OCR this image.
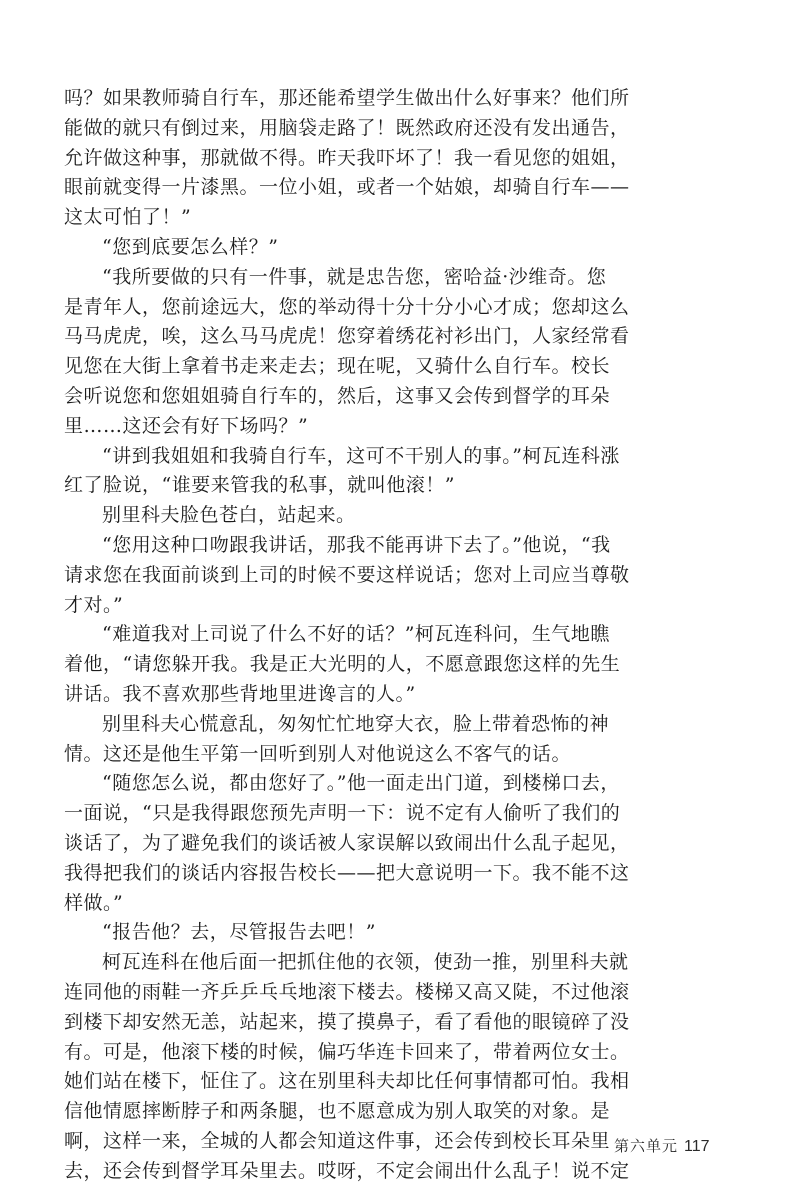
吗？如果教师骑自行车，那还能希望学生做出什么好事来？他们所
能做的就只有倒过来，用脑袋走路了！既然政府还没有发出通告，
允许做这种事，那就做不得。昨天我吓坏了！我一看见您的姐姐，
眼前就变得一片漆黑。一位小姐，或者一个姑娘，却骑自行车——
这太可怕了！”
“您到底要怎么样？”
“我所要做的只有一件事，就是忠告您，密哈益·沙维奇。您
是青年人，您前途远大，您的举动得十分十分小心才成；您却这么
马马虎虎，唉，这么马马虎虎！您穿着绣花衬衫出门，人家经常看
见您在大街上拿着书走来走去；现在呢，又骑什么自行车。校长
会听说您和您姐姐骑自行车的，然后，这事又会传到督学的耳朵
里……这还会有好下场吗？”
“讲到我姐姐和我骑自行车，这可不干别人的事。”柯瓦连科涨
红了脸说，“谁要来管我的私事，就叫他滚！”
别里科夫脸色苍白，站起来。
“您用这种口吻跟我讲话，那我不能再讲下去了。”他说，“我
请求您在我面前谈到上司的时候不要这样说话；您对上司应当尊敬
才对。”
“难道我对上司说了什么不好的话？”柯瓦连科问，生气地瞧
着他，“请您躲开我。我是正大光明的人，不愿意跟您这样的先生
讲话。我不喜欢那些背地里进谗言的人。”
别里科夫心慌意乱，匆匆忙忙地穿大衣，脸上带着恐怖的神
情。这还是他生平第一回听到别人对他说这么不客气的话。
“随您怎么说，都由您好了。”他一面走出门道，到楼梯口去，
一面说，“只是我得跟您预先声明一下：说不定有人偷听了我们的
谈话了，为了避免我们的谈话被人家误解以致闹出什么乱子起见，
我得把我们的谈话内容报告校长——把大意说明一下。我不能不这
样做。”
“报告他？去，尽管报告去吧！”
柯瓦连科在他后面一把抓住他的衣领，使劲一推，别里科夫就
连同他的雨鞋一齐乒乒乓乓地滚下楼去。楼梯又高又陡，不过他滚
到楼下却安然无恙，站起来，摸了摸鼻子，看了看他的眼镜碎了没
有。可是，他滚下楼的时候，偏巧华连卡回来了，带着两位女士。
她们站在楼下，怔住了。这在别里科夫却比任何事情都可怕。我相
信他情愿摔断脖子和两条腿，也不愿意成为别人取笑的对象。是
啊，这样一来，全城的人都会知道这件事，还会传到校长耳朵里
去，还会传到督学耳朵里去。哎呀，不定会闹出什么乱子！说不定
第六单元 117
